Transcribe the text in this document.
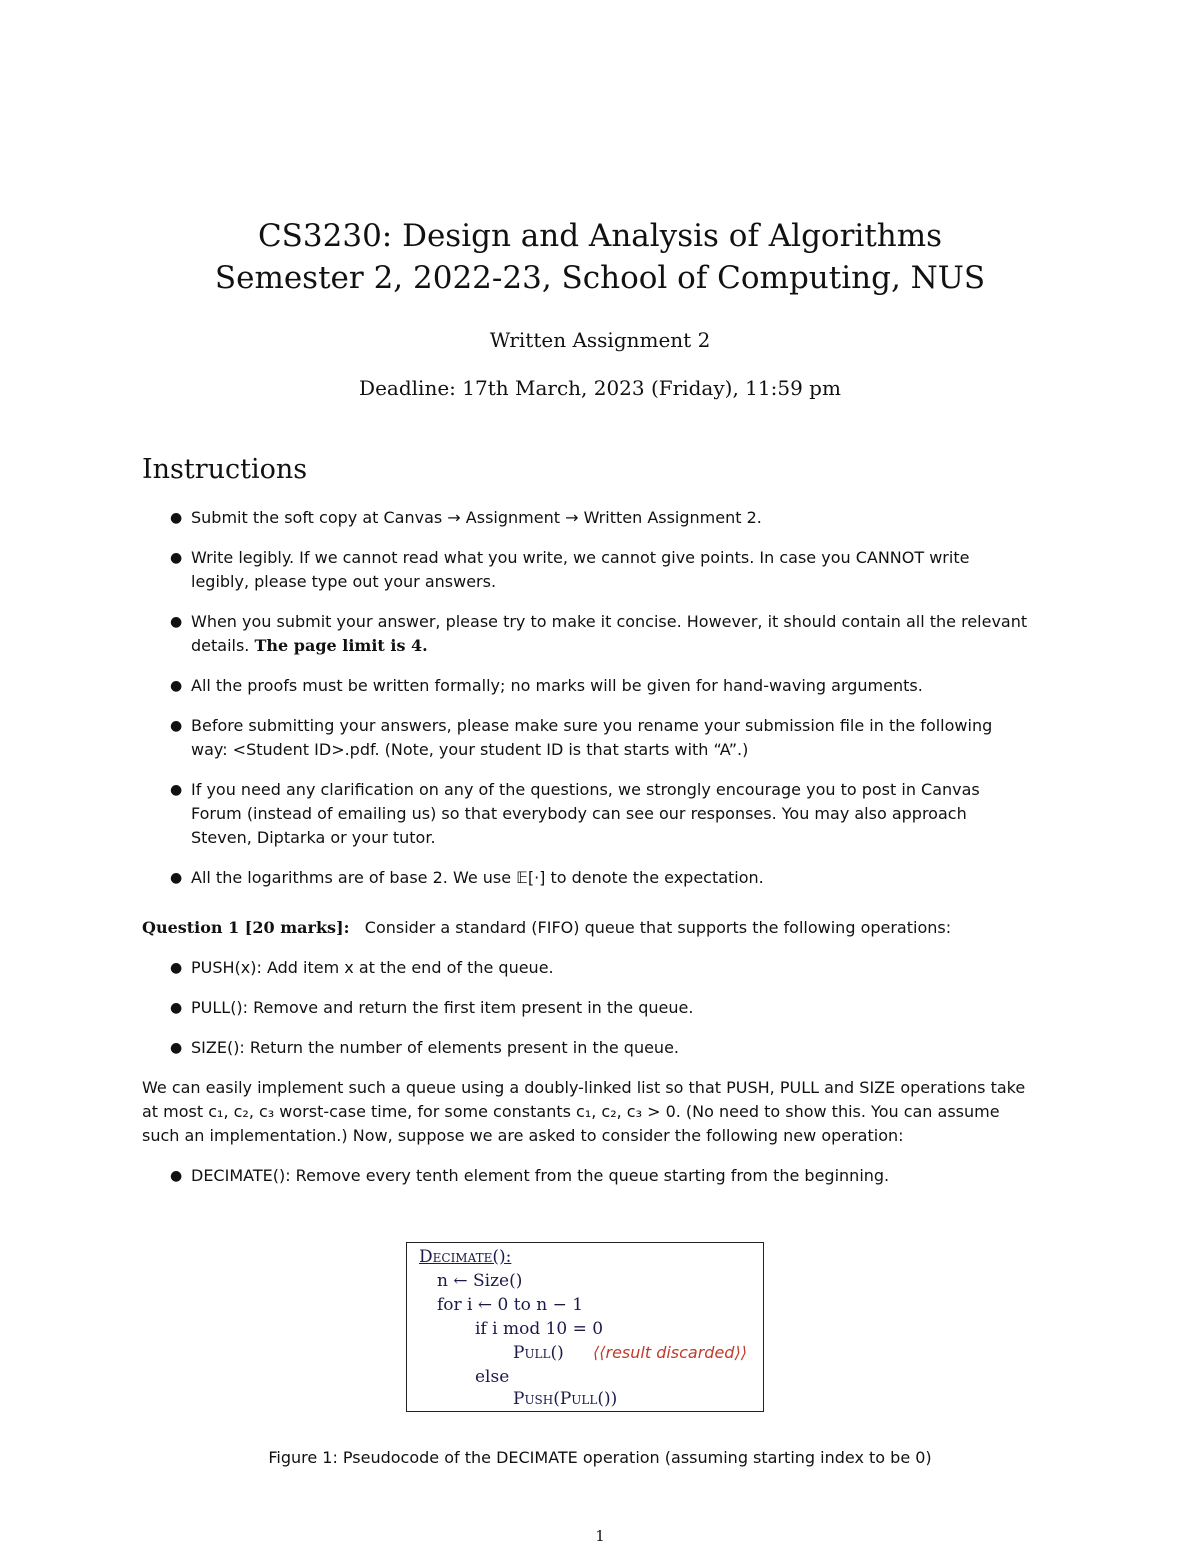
CS3230: Design and Analysis of Algorithms
Semester 2, 2022-23, School of Computing, NUS
Written Assignment 2
Deadline: 17th March, 2023 (Friday), 11:59 pm
Instructions
● Submit the soft copy at Canvas → Assignment → Written Assignment 2.
● Write legibly. If we cannot read what you write, we cannot give points. In case you CANNOT write legibly, please type out your answers.
● When you submit your answer, please try to make it concise. However, it should contain all the relevant details. The page limit is 4.
● All the proofs must be written formally; no marks will be given for hand-waving arguments.
● Before submitting your answers, please make sure you rename your submission file in the following way: <Student ID>.pdf. (Note, your student ID is that starts with “A”.)
● If you need any clarification on any of the questions, we strongly encourage you to post in Canvas Forum (instead of emailing us) so that everybody can see our responses. You may also approach Steven, Diptarka or your tutor.
● All the logarithms are of base 2. We use 𝔼[·] to denote the expectation.
Question 1 [20 marks]: Consider a standard (FIFO) queue that supports the following operations:
● PUSH(x): Add item x at the end of the queue.
● PULL(): Remove and return the first item present in the queue.
● SIZE(): Return the number of elements present in the queue.
We can easily implement such a queue using a doubly-linked list so that PUSH, PULL and SIZE operations take at most c₁, c₂, c₃ worst-case time, for some constants c₁, c₂, c₃ > 0. (No need to show this. You can assume such an implementation.) Now, suppose we are asked to consider the following new operation:
● DECIMATE(): Remove every tenth element from the queue starting from the beginning.
Decimate():
n ← Size()
for i ← 0 to n − 1
if i mod 10 = 0
Pull() ⟨⟨result discarded⟩⟩
else
Push(Pull())
Figure 1: Pseudocode of the DECIMATE operation (assuming starting index to be 0)
1
